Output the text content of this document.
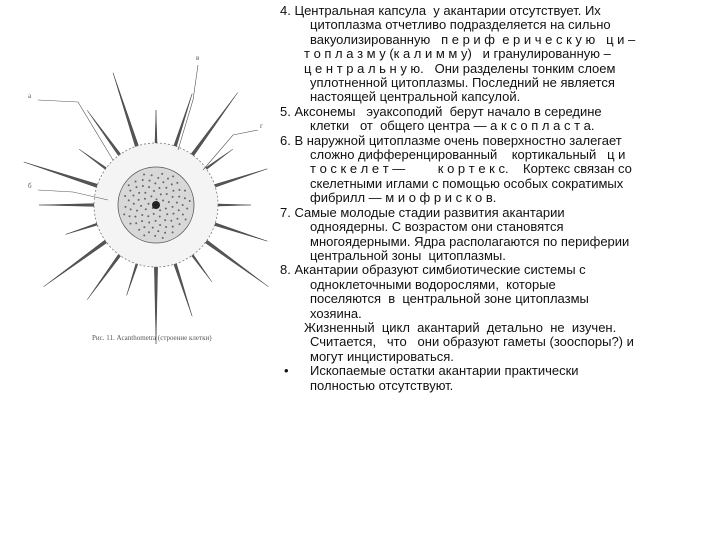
а
б
в
г
Рис. 11. Acanthometra (строение клетки)
4. Центральная капсула  у акантарии отсутствует. Их
цитоплазма отчетливо подразделяется на сильно
вакуолизированную   п е р и ф  е р и ч е с к у ю   ц и –
т о п л а з м у (к а л и м м у)   и гранулированную –
ц е н т р а л ь н у ю.   Они разделены тонким слоем
уплотненной цитоплазмы. Последний не является
настоящей центральной капсулой.
5. Аксонемы   эуаксоподий  берут начало в середине
клетки   от  общего центра — а к с о п л а с т а.
6. В наружной цитоплазме очень поверхностно залегает
сложно дифференцированный    кортикальный   ц и
т о с к е л е т —         к о р т е к с.    Кортекс связан со
скелетными иглами с помощью особых сократимых
фибрилл — м и о ф р и с к о в.
7. Самые молодые стадии развития акантарии
одноядерны. С возрастом они становятся
многоядерными. Ядра располагаются по периферии
центральной зоны  цитоплазмы.
8. Акантарии образуют симбиотические системы с
одноклеточными водорослями,  которые
поселяются  в  центральной зоне цитоплазмы
хозяина.
Жизненный  цикл  акантарий  детально  не  изучен.
Считается,   что   они образуют гаметы (зооспоры?) и
могут инцистироваться.
• Ископаемые остатки акантарии практически
полностью отсутствуют.
